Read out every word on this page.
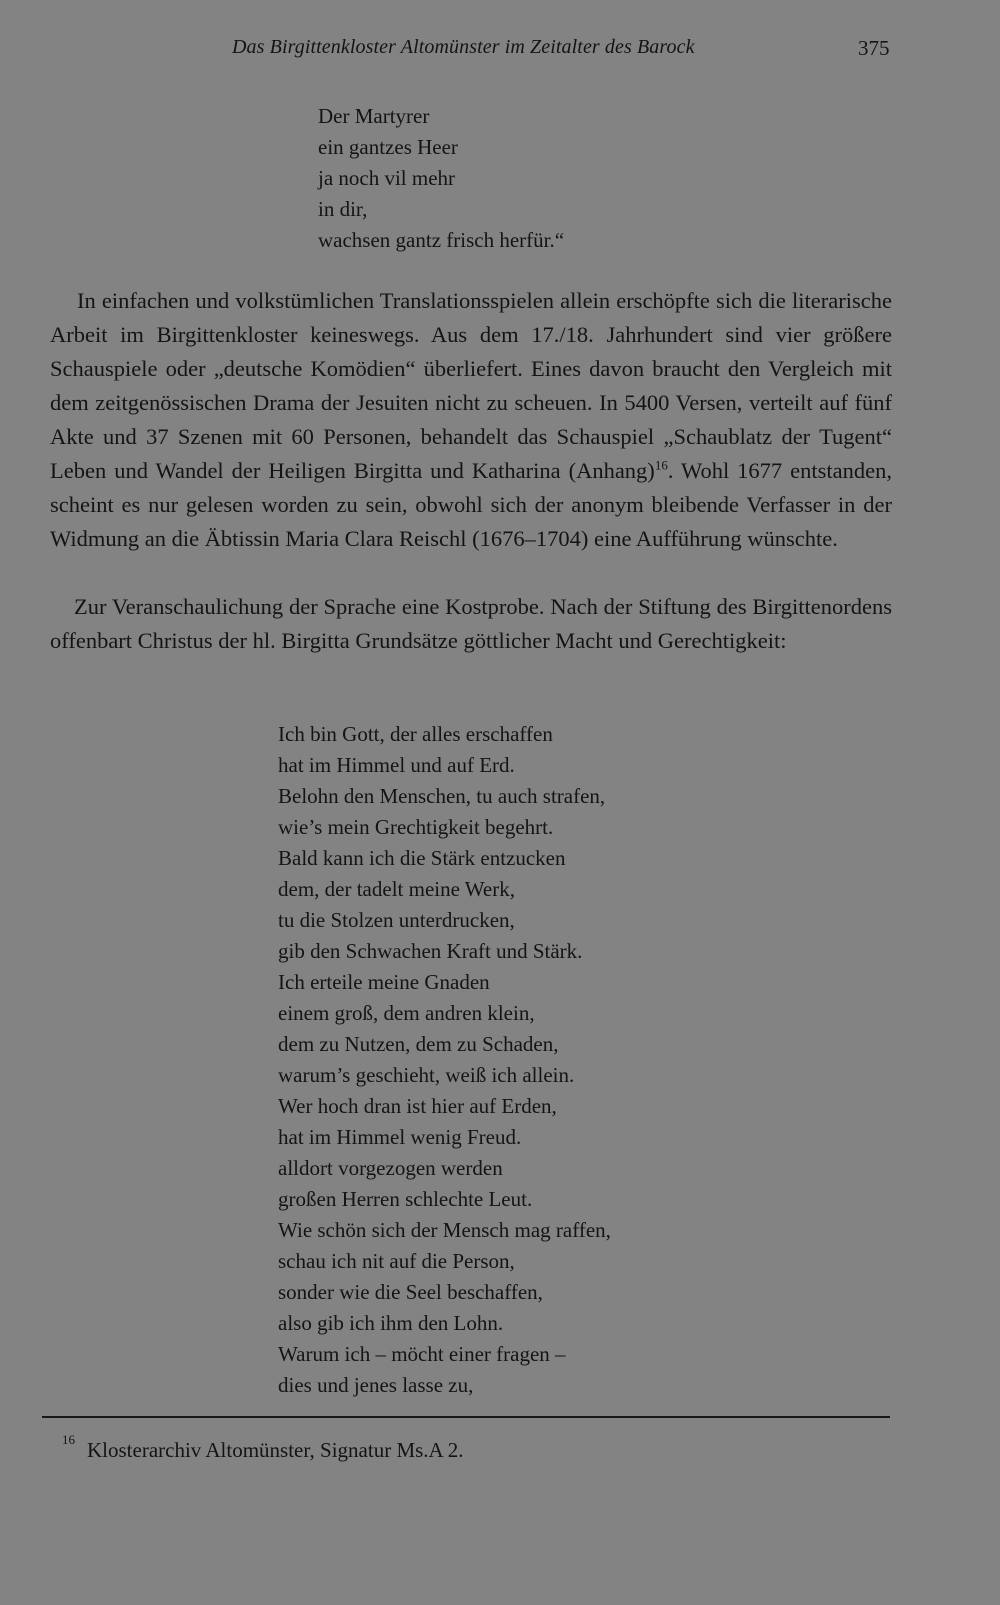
Das Birgittenkloster Altomünster im Zeitalter des Barock	375
Der Martyrer
ein gantzes Heer
ja noch vil mehr
in dir,
wachsen gantz frisch herfür.“

In einfachen und volkstümlichen Translationsspielen allein erschöpfte sich die literarische Arbeit im Birgittenkloster keineswegs. Aus dem 17./18. Jahrhundert sind vier größere Schauspiele oder „deutsche Komödien“ überliefert. Eines davon braucht den Vergleich mit dem zeitgenössischen Drama der Jesuiten nicht zu scheuen. In 5400 Versen, verteilt auf fünf Akte und 37 Szenen mit 60 Personen, behandelt das Schauspiel „Schaublatz der Tugent“ Leben und Wandel der Heiligen Birgitta und Katharina (Anhang)$^{16}$. Wohl 1677 entstanden, scheint es nur gelesen worden zu sein, obwohl sich der anonym bleibende Verfasser in der Widmung an die Äbtissin Maria Clara Reischl (1676–1704) eine Aufführung wünschte.

Zur Veranschaulichung der Sprache eine Kostprobe. Nach der Stiftung des Birgittenordens offenbart Christus der hl. Birgitta Grundsätze göttlicher Macht und Gerechtigkeit:

Ich bin Gott, der alles erschaffen
hat im Himmel und auf Erd.
Belohn den Menschen, tu auch strafen,
wie’s mein Grechtigkeit begehrt.
Bald kann ich die Stärk entzucken
dem, der tadelt meine Werk,
tu die Stolzen unterdrucken,
gib den Schwachen Kraft und Stärk.
Ich erteile meine Gnaden
einem groß, dem andren klein,
dem zu Nutzen, dem zu Schaden,
warum’s geschieht, weiß ich allein.
Wer hoch dran ist hier auf Erden,
hat im Himmel wenig Freud.
alldort vorgezogen werden
großen Herren schlechte Leut.
Wie schön sich der Mensch mag raffen,
schau ich nit auf die Person,
sonder wie die Seel beschaffen,
also gib ich ihm den Lohn.
Warum ich – möcht einer fragen –
dies und jenes lasse zu,
$^{16}$ Klosterarchiv Altomünster, Signatur Ms.A 2.
